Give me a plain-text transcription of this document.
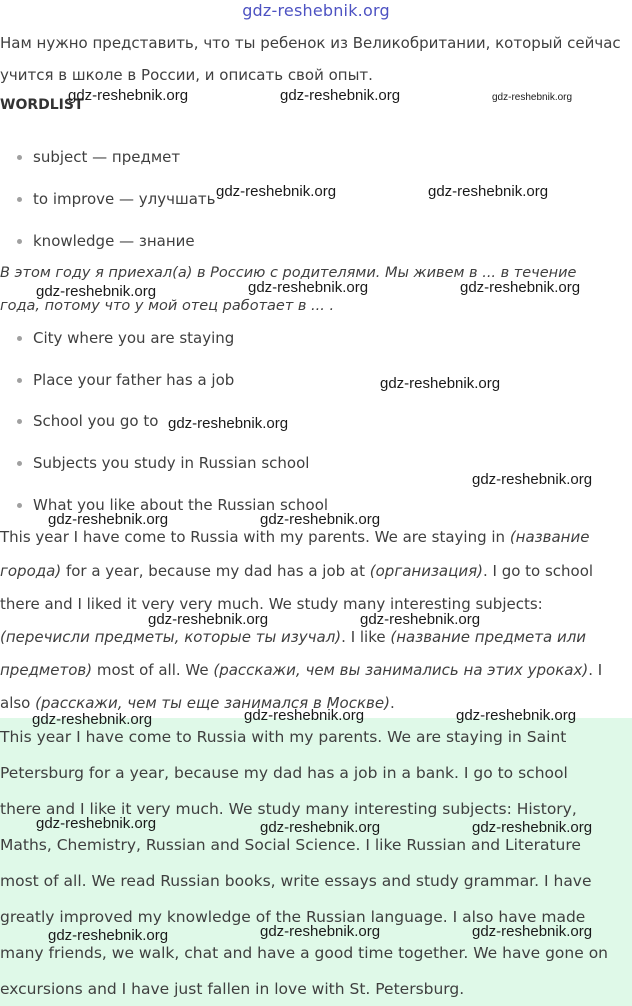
gdz-reshebnik.org

Нам нужно представить, что ты ребенок из Великобритании, который сейчас

учится в школе в России, и описать свой опыт.

WORDLIST
subject — предмет
to improve — улучшать
knowledge — знание

В этом году я приехал(а) в Россию с родителями. Мы живем в ... в течение

года, потому что у мой отец работает в ... .

City where you are staying
Place your father has a job
School you go to
Subjects you study in Russian school
What you like about the Russian school
This year I have come to Russia with my parents. We are staying in (название
города) for a year, because my dad has a job at (организация). I go to school
there and I liked it very very much. We study many interesting subjects:
(перечисли предметы, которые ты изучал). I like (название предмета или
предметов) most of all. We (расскажи, чем вы занимались на этих уроках). I
also (расскажи, чем ты еще занимался в Москве).

This year I have come to Russia with my parents. We are staying in Saint

Petersburg for a year, because my dad has a job in a bank. I go to school

there and I like it very much. We study many interesting subjects: History,

Maths, Chemistry, Russian and Social Science. I like Russian and Literature

most of all. We read Russian books, write essays and study grammar. I have

greatly improved my knowledge of the Russian language. I also have made

many friends, we walk, chat and have a good time together. We have gone on

excursions and I have just fallen in love with St. Petersburg.

gdz-reshebnik.org	gdz-reshebnik.org	gdz-reshebnik.org
gdz-reshebnik.org	gdz-reshebnik.org
gdz-reshebnik.org	gdz-reshebnik.org	gdz-reshebnik.org
gdz-reshebnik.org
gdz-reshebnik.org
gdz-reshebnik.org
gdz-reshebnik.org	gdz-reshebnik.org
gdz-reshebnik.org	gdz-reshebnik.org
gdz-reshebnik.org	gdz-reshebnik.org	gdz-reshebnik.org
gdz-reshebnik.org	gdz-reshebnik.org	gdz-reshebnik.org
gdz-reshebnik.org	gdz-reshebnik.org	gdz-reshebnik.org
